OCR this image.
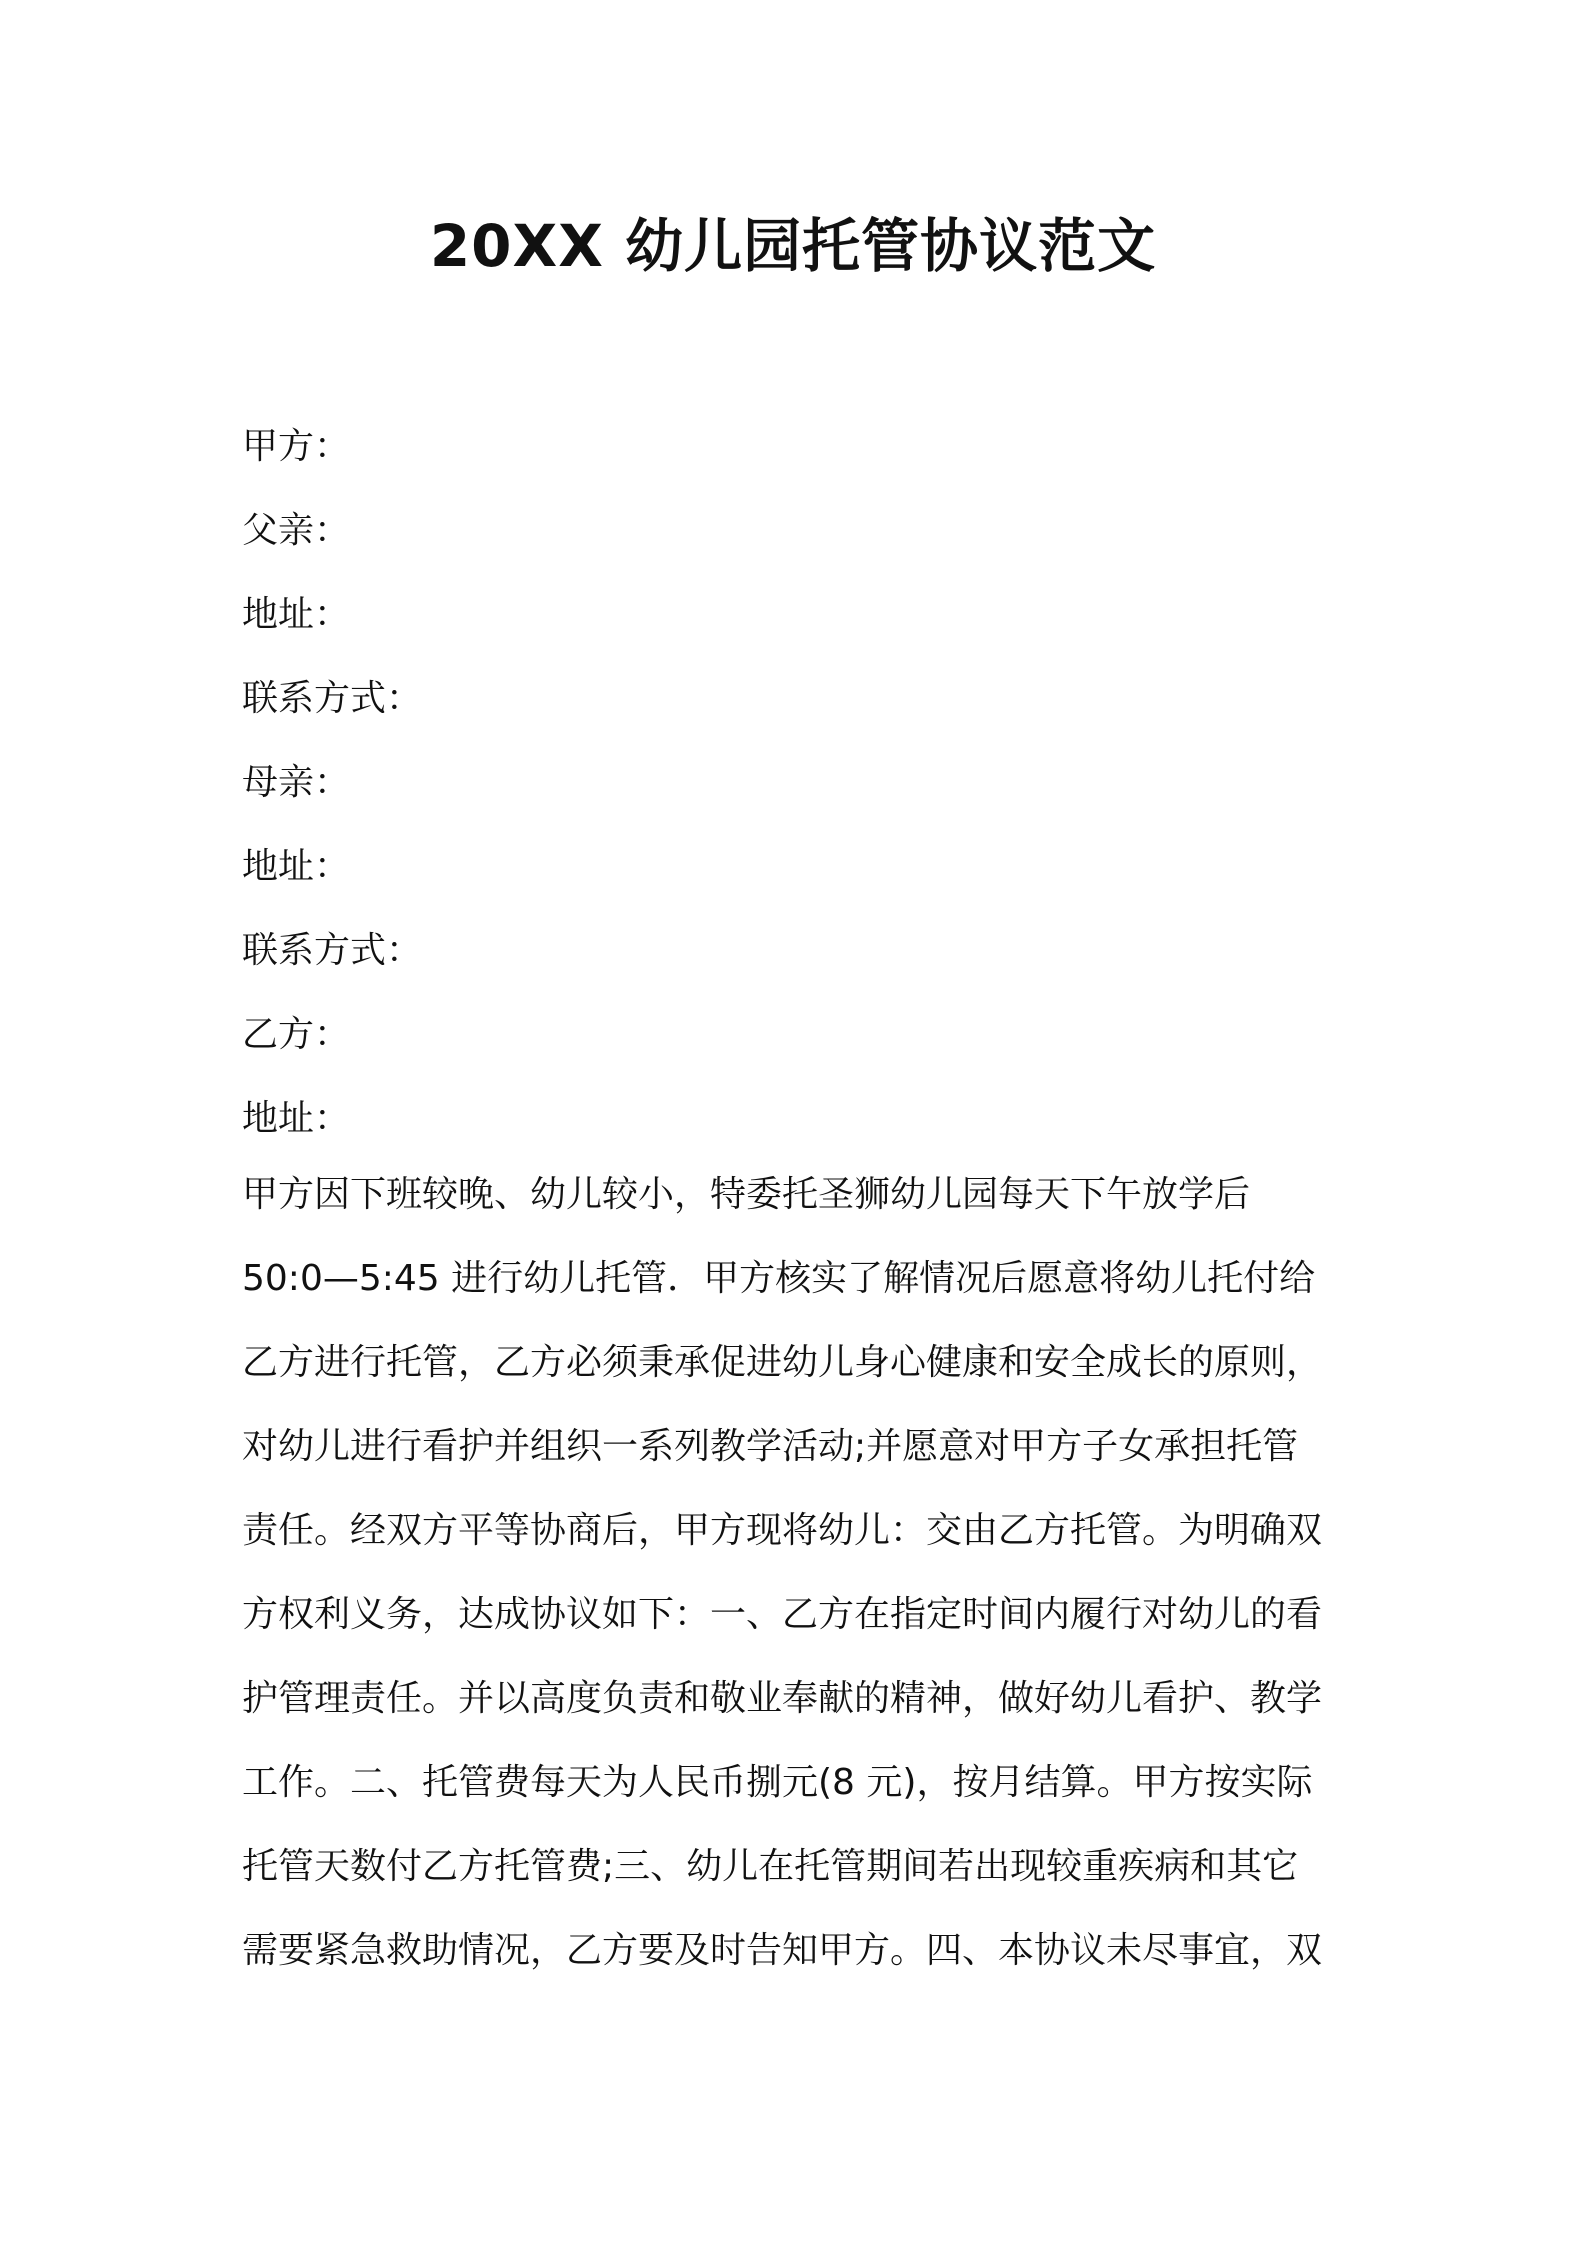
20XX 幼儿园托管协议范文
甲方：
父亲：
地址：
联系方式：
母亲：
地址：
联系方式：
乙方：
地址：
甲方因下班较晚、幼儿较小，特委托圣狮幼儿园每天下午放学后
50:0—5:45 进行幼儿托管．甲方核实了解情况后愿意将幼儿托付给
乙方进行托管，乙方必须秉承促进幼儿身心健康和安全成长的原则，
对幼儿进行看护并组织一系列教学活动;并愿意对甲方子女承担托管
责任。经双方平等协商后，甲方现将幼儿：交由乙方托管。为明确双
方权利义务，达成协议如下：一、乙方在指定时间内履行对幼儿的看
护管理责任。并以高度负责和敬业奉献的精神，做好幼儿看护、教学
工作。二、托管费每天为人民币捌元(8 元)，按月结算。甲方按实际
托管天数付乙方托管费;三、幼儿在托管期间若出现较重疾病和其它
需要紧急救助情况，乙方要及时告知甲方。四、本协议未尽事宜，双
